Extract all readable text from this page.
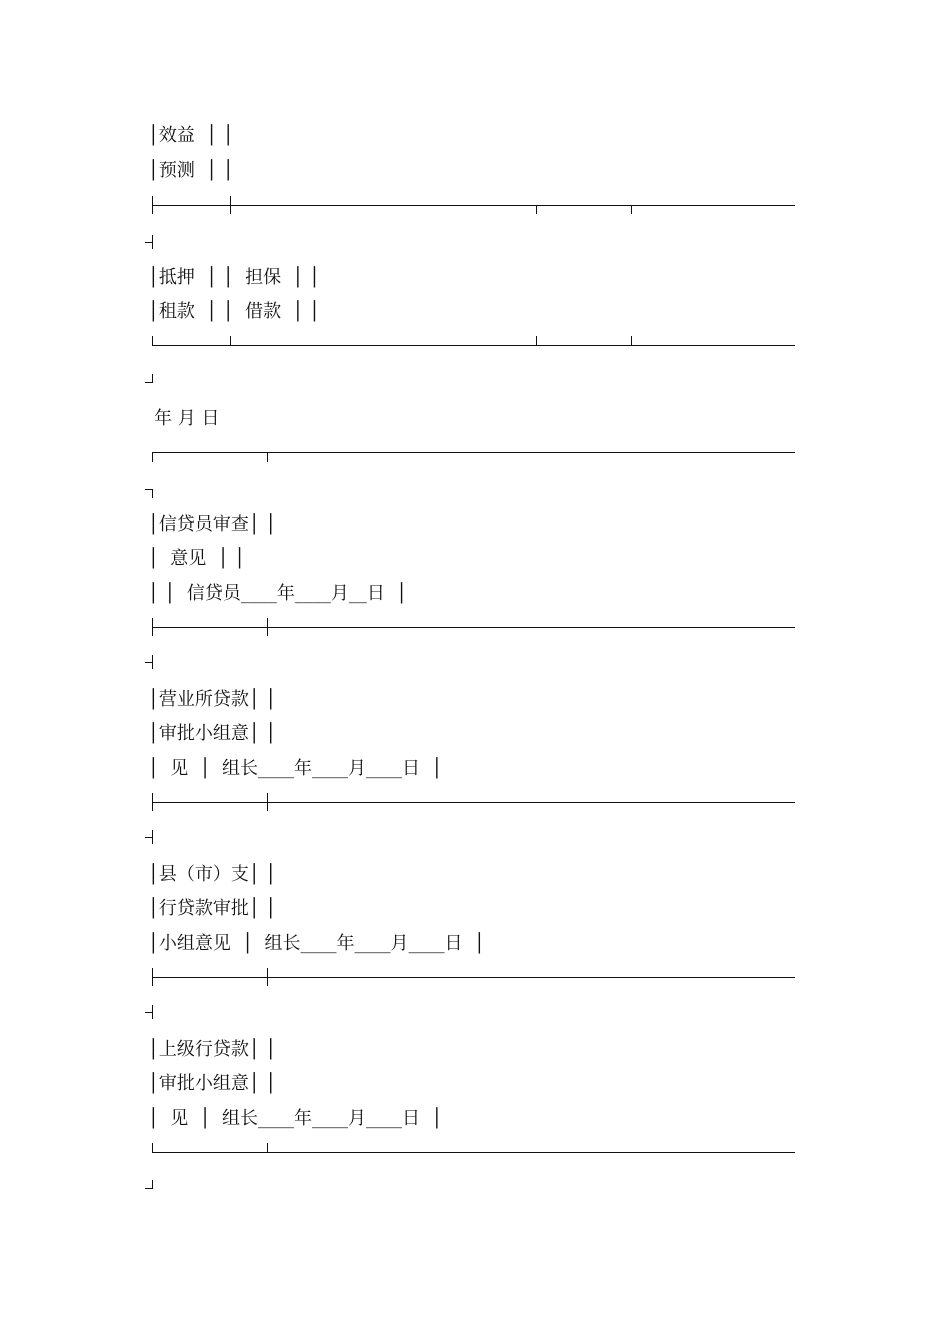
│效益  │ │

│预测  │ │

│抵押  │ │  担保  │ │

│租款  │ │  借款  │ │

年 月 日

│信贷员审查│ │

│  意见  │ │

│ │  信贷员____年____月__日  │

│营业所贷款│ │

│审批小组意│ │

│  见  │  组长____年____月____日  │

│县（市）支│ │

│行贷款审批│ │

│小组意见  │  组长____年____月____日  │

│上级行贷款│ │

│审批小组意│ │

│  见  │  组长____年____月____日  │
